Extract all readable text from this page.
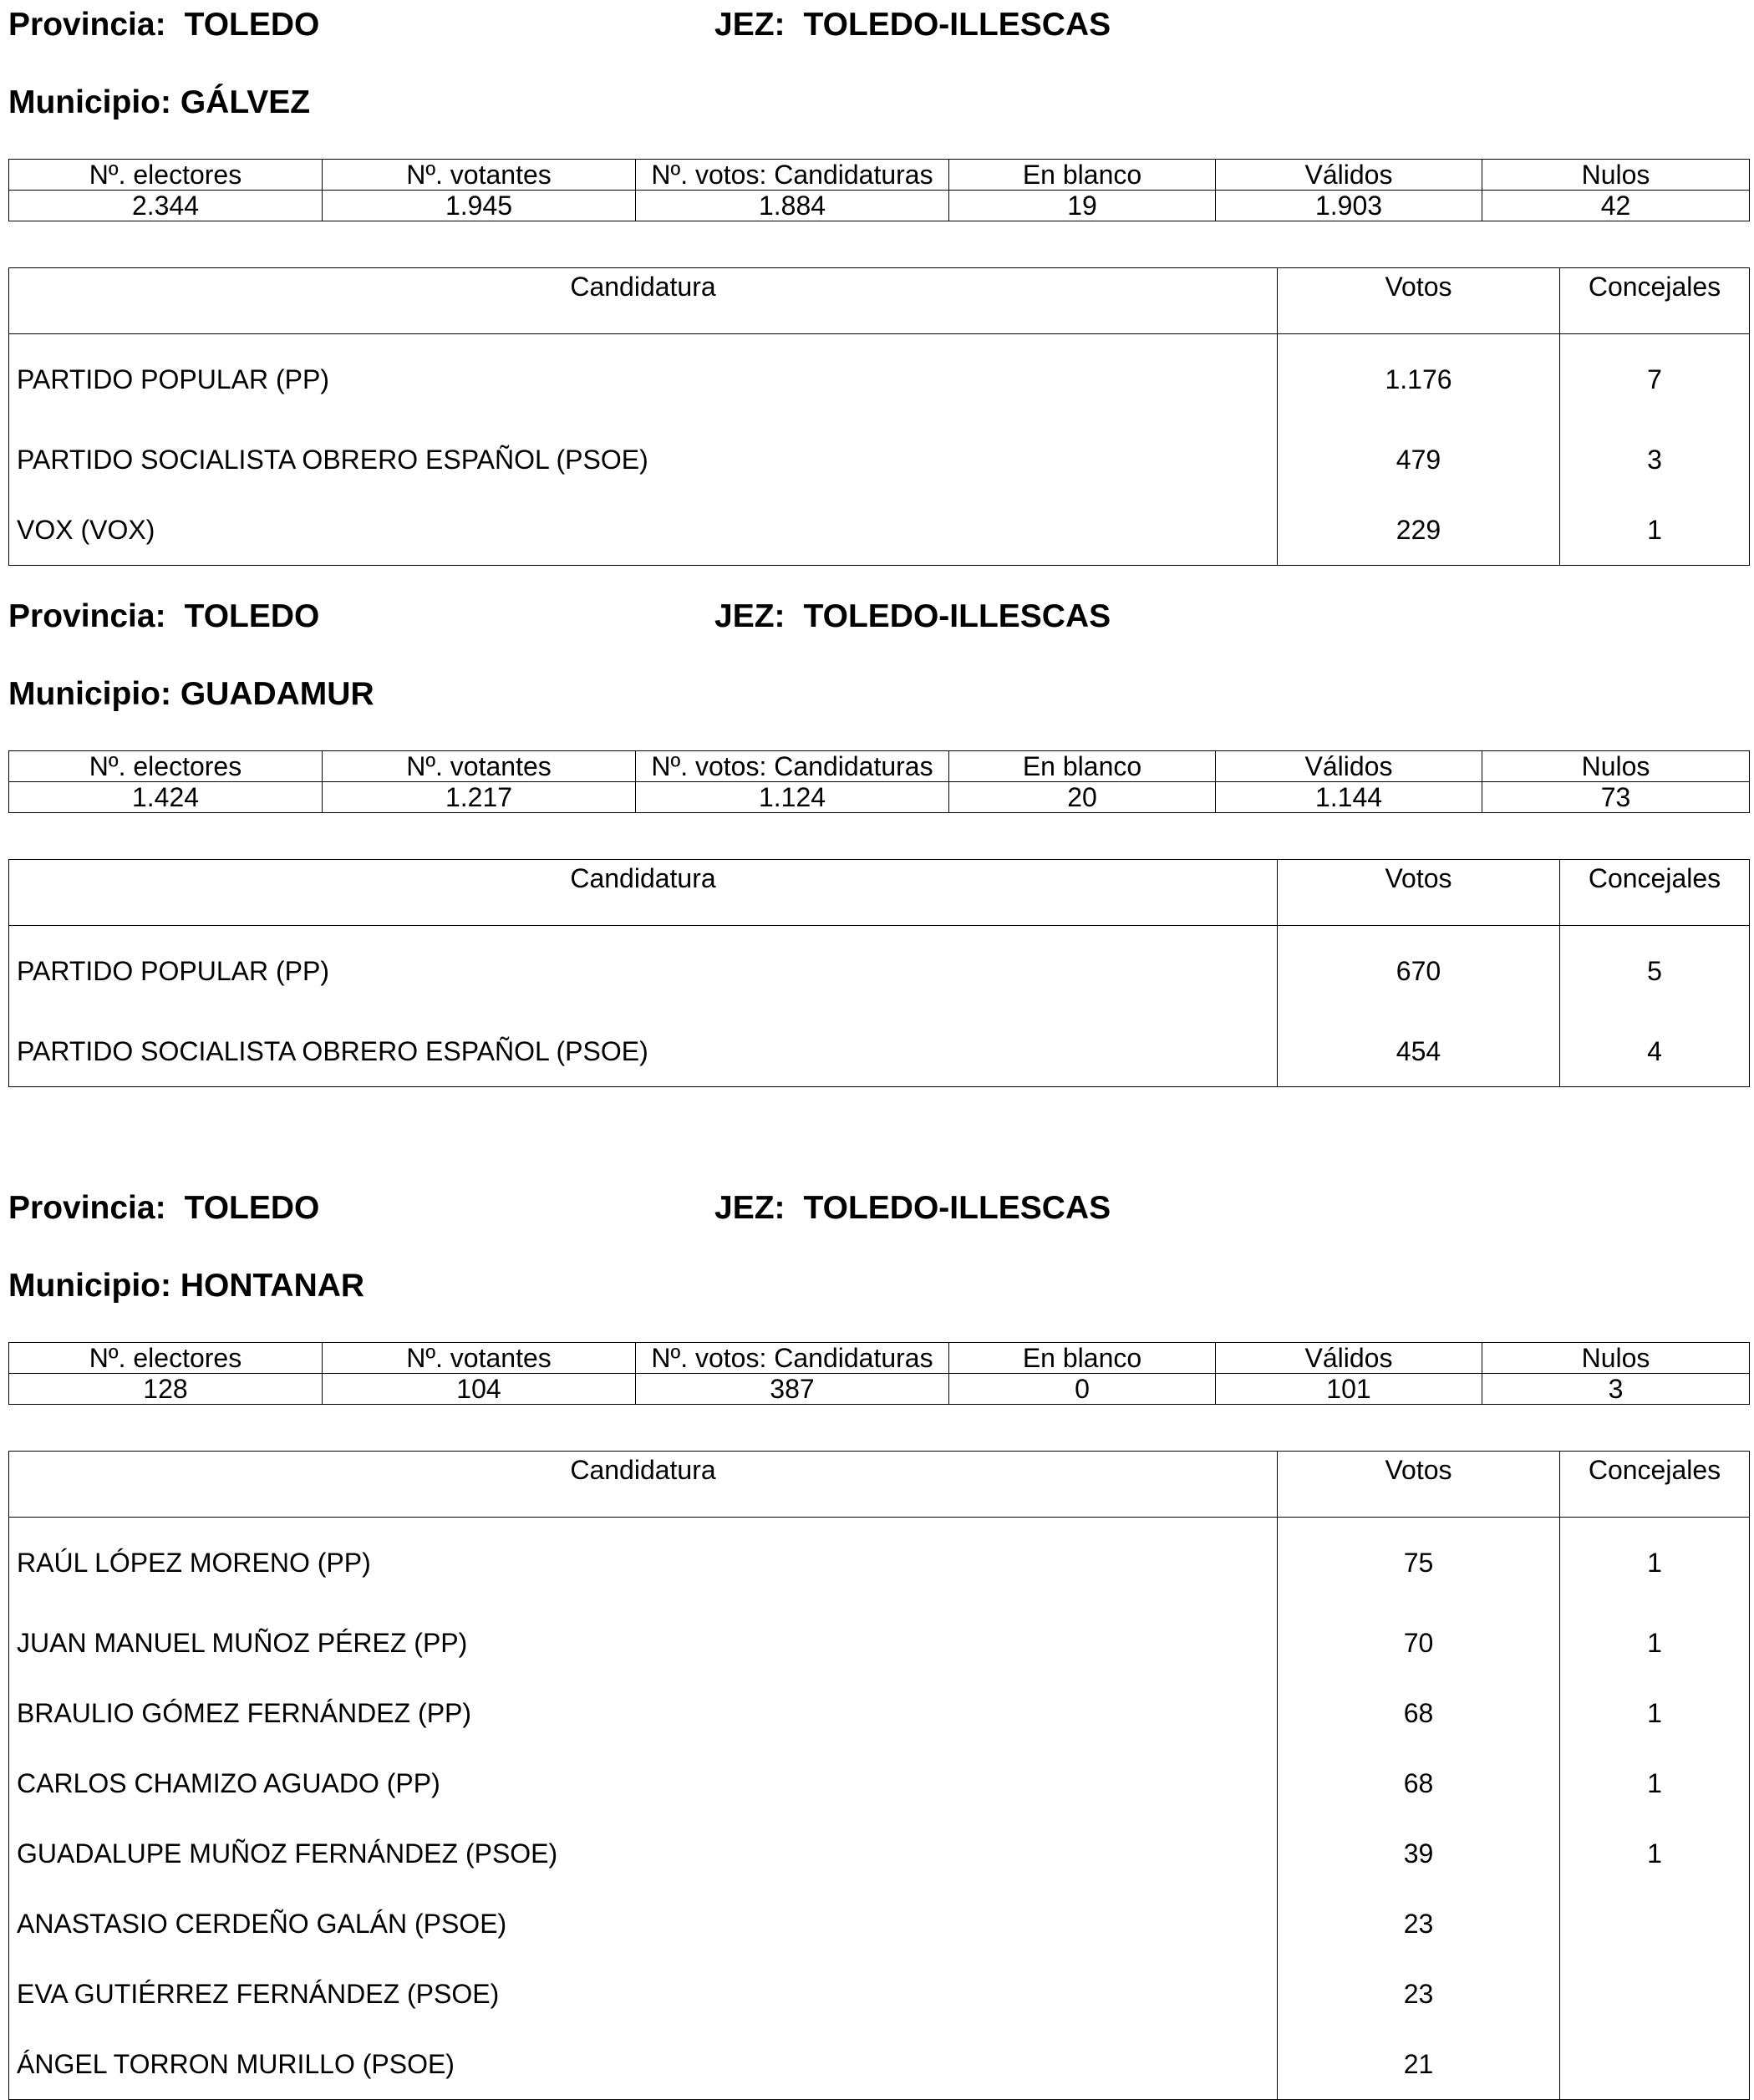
Provincia: TOLEDO	JEZ: TOLEDO-ILLESCAS
Municipio: GÁLVEZ
Nº. electores	Nº. votantes	Nº. votos: Candidaturas	En blanco	Válidos	Nulos
2.344	1.945	1.884	19	1.903	42
Candidatura	Votos	Concejales
PARTIDO POPULAR (PP)	1.176	7
PARTIDO SOCIALISTA OBRERO ESPAÑOL (PSOE)	479	3
VOX (VOX)	229	1
Provincia: TOLEDO	JEZ: TOLEDO-ILLESCAS
Municipio: GUADAMUR
Nº. electores	Nº. votantes	Nº. votos: Candidaturas	En blanco	Válidos	Nulos
1.424	1.217	1.124	20	1.144	73
Candidatura	Votos	Concejales
PARTIDO POPULAR (PP)	670	5
PARTIDO SOCIALISTA OBRERO ESPAÑOL (PSOE)	454	4
Provincia: TOLEDO	JEZ: TOLEDO-ILLESCAS
Municipio: HONTANAR
Nº. electores	Nº. votantes	Nº. votos: Candidaturas	En blanco	Válidos	Nulos
128	104	387	0	101	3
Candidatura	Votos	Concejales
RAÚL LÓPEZ MORENO (PP)	75	1
JUAN MANUEL MUÑOZ PÉREZ (PP)	70	1
BRAULIO GÓMEZ FERNÁNDEZ (PP)	68	1
CARLOS CHAMIZO AGUADO (PP)	68	1
GUADALUPE MUÑOZ FERNÁNDEZ (PSOE)	39	1
ANASTASIO CERDEÑO GALÁN (PSOE)	23	
EVA GUTIÉRREZ FERNÁNDEZ (PSOE)	23	
ÁNGEL TORRON MURILLO (PSOE)	21	
